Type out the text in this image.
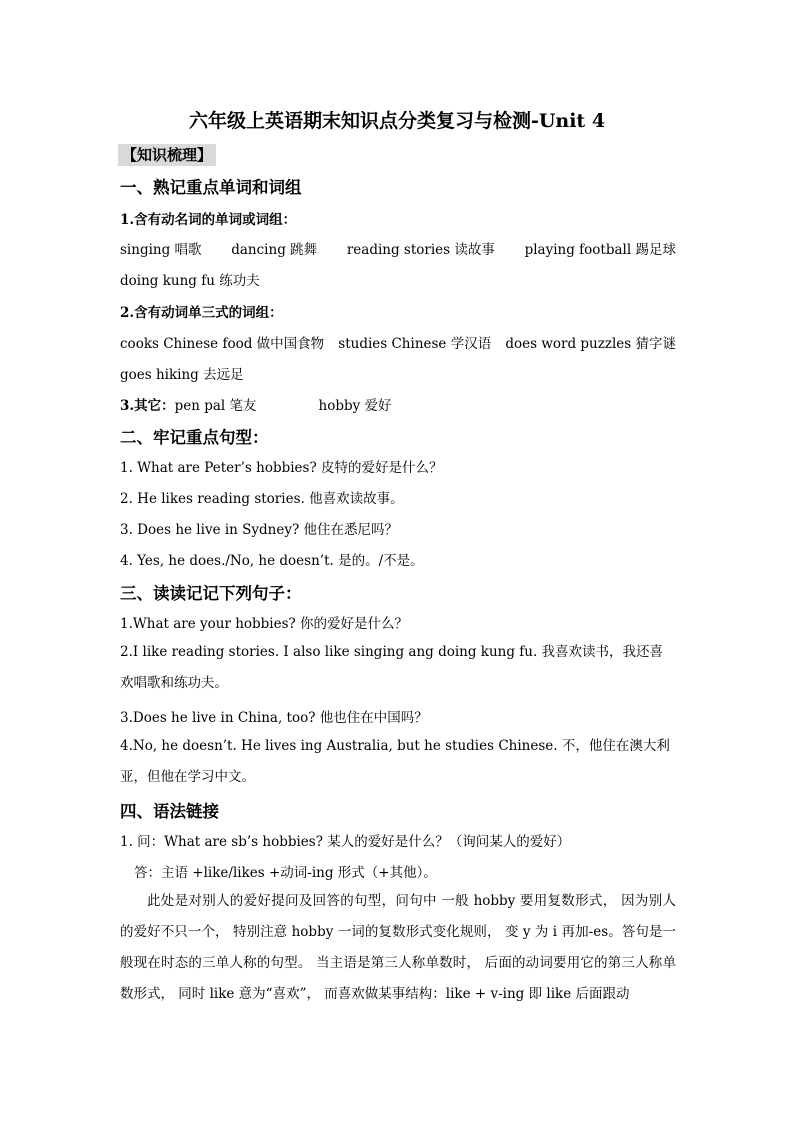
六年级上英语期末知识点分类复习与检测-Unit 4
【知识梳理】
一、熟记重点单词和词组
1.含有动名词的单词或词组：
singing 唱歌 dancing 跳舞 reading stories 读故事 playing football 踢足球
doing kung fu 练功夫
2.含有动词单三式的词组：
cooks Chinese food 做中国食物 studies Chinese 学汉语 does word puzzles 猜字谜
goes hiking 去远足
3.其它：pen pal 笔友	hobby 爱好
二、牢记重点句型：
1. What are Peter’s hobbies? 皮特的爱好是什么？
2. He likes reading stories. 他喜欢读故事。
3. Does he live in Sydney? 他住在悉尼吗？
4. Yes, he does./No, he doesn’t. 是的。/不是。
三、读读记记下列句子：
1.What are your hobbies? 你的爱好是什么？
2.I like reading stories. I also like singing ang doing kung fu. 我喜欢读书，我还喜欢唱歌和练功夫。
3.Does he live in China, too? 他也住在中国吗？
4.No, he doesn’t. He lives ing Australia, but he studies Chinese. 不，他住在澳大利亚，但他在学习中文。
四、语法链接
1. 问：What are sb’s hobbies? 某人的爱好是什么？（询问某人的爱好）
答：主语 +like/likes +动词-ing 形式（+其他）。
此处是对别人的爱好提问及回答的句型，问句中 一般 hobby 要用复数形式， 因为别人的爱好不只一个， 特别注意 hobby 一词的复数形式变化规则， 变 y 为 i 再加-es。答句是一般现在时态的三单人称的句型。 当主语是第三人称单数时， 后面的动词要用它的第三人称单数形式， 同时 like 意为“喜欢”， 而喜欢做某事结构：like + v-ing 即 like 后面跟动
